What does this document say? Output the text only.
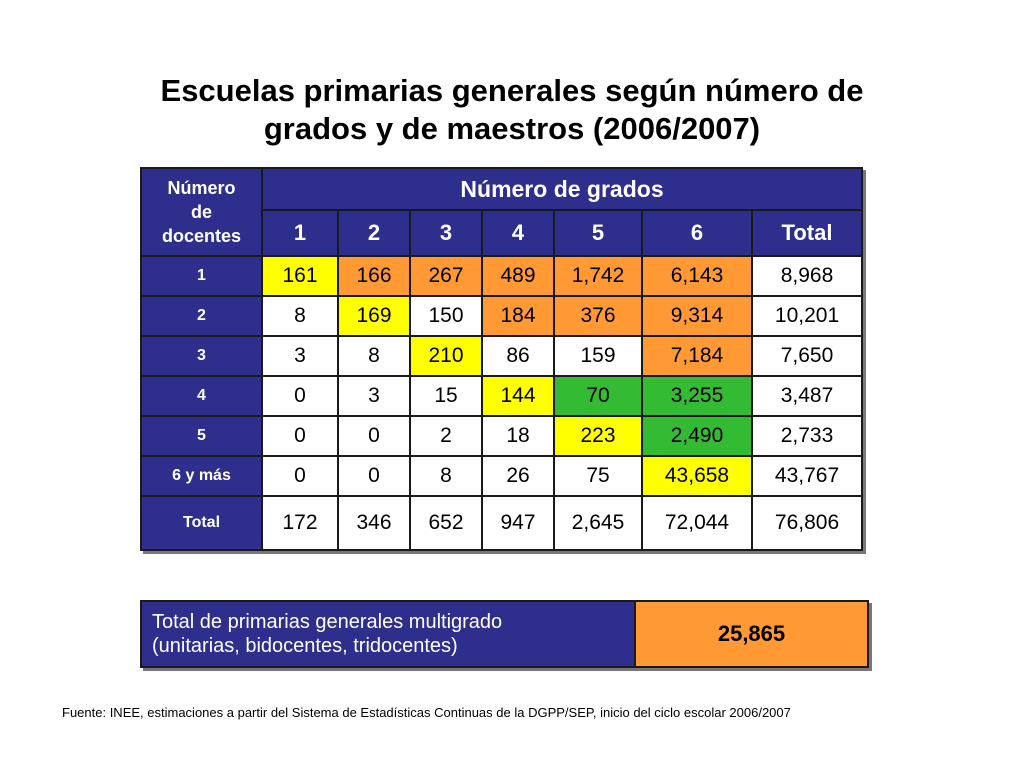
Escuelas primarias generales según número de
grados y de maestros (2006/2007)
Número
de
docentes	Número de grados						
	1	2	3	4	5	6	Total
1	161	166	267	489	1,742	6,143	8,968
2	8	169	150	184	376	9,314	10,201
3	3	8	210	86	159	7,184	7,650
4	0	3	15	144	70	3,255	3,487
5	0	0	2	18	223	2,490	2,733
6 y más	0	0	8	26	75	43,658	43,767
Total	172	346	652	947	2,645	72,044	76,806
Total de primarias generales multigrado
(unitarias, bidocentes, tridocentes)	25,865
Fuente: INEE, estimaciones a partir del Sistema de Estadísticas Continuas de la DGPP/SEP, inicio del ciclo escolar 2006/2007
